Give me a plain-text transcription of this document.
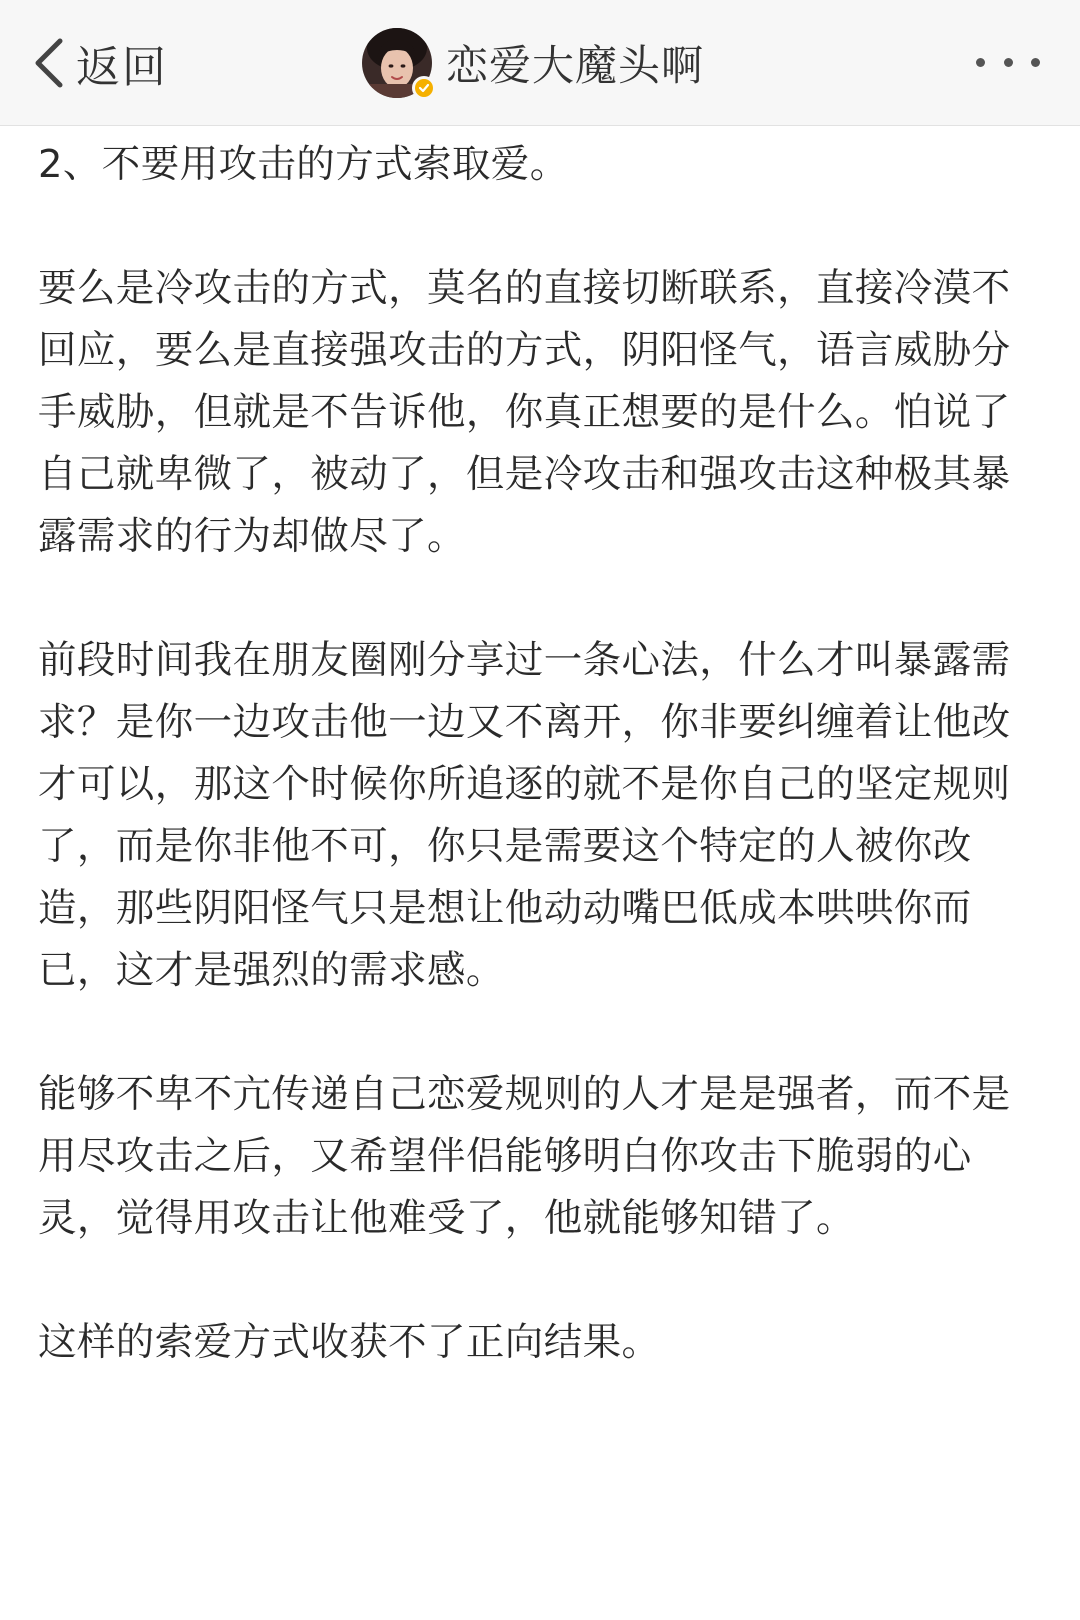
返回	恋爱大魔头啊

2、不要用攻击的方式索取爱。

要么是冷攻击的方式，莫名的直接切断联系，直接冷漠不回应，要么是直接强攻击的方式，阴阳怪气，语言威胁分手威胁，但就是不告诉他，你真正想要的是什么。怕说了自己就卑微了，被动了，但是冷攻击和强攻击这种极其暴露需求的行为却做尽了。

前段时间我在朋友圈刚分享过一条心法，什么才叫暴露需求？是你一边攻击他一边又不离开，你非要纠缠着让他改才可以，那这个时候你所追逐的就不是你自己的坚定规则了，而是你非他不可，你只是需要这个特定的人被你改造，那些阴阳怪气只是想让他动动嘴巴低成本哄哄你而已，这才是强烈的需求感。

能够不卑不亢传递自己恋爱规则的人才是是强者，而不是用尽攻击之后，又希望伴侣能够明白你攻击下脆弱的心灵，觉得用攻击让他难受了，他就能够知错了。

这样的索爱方式收获不了正向结果。
